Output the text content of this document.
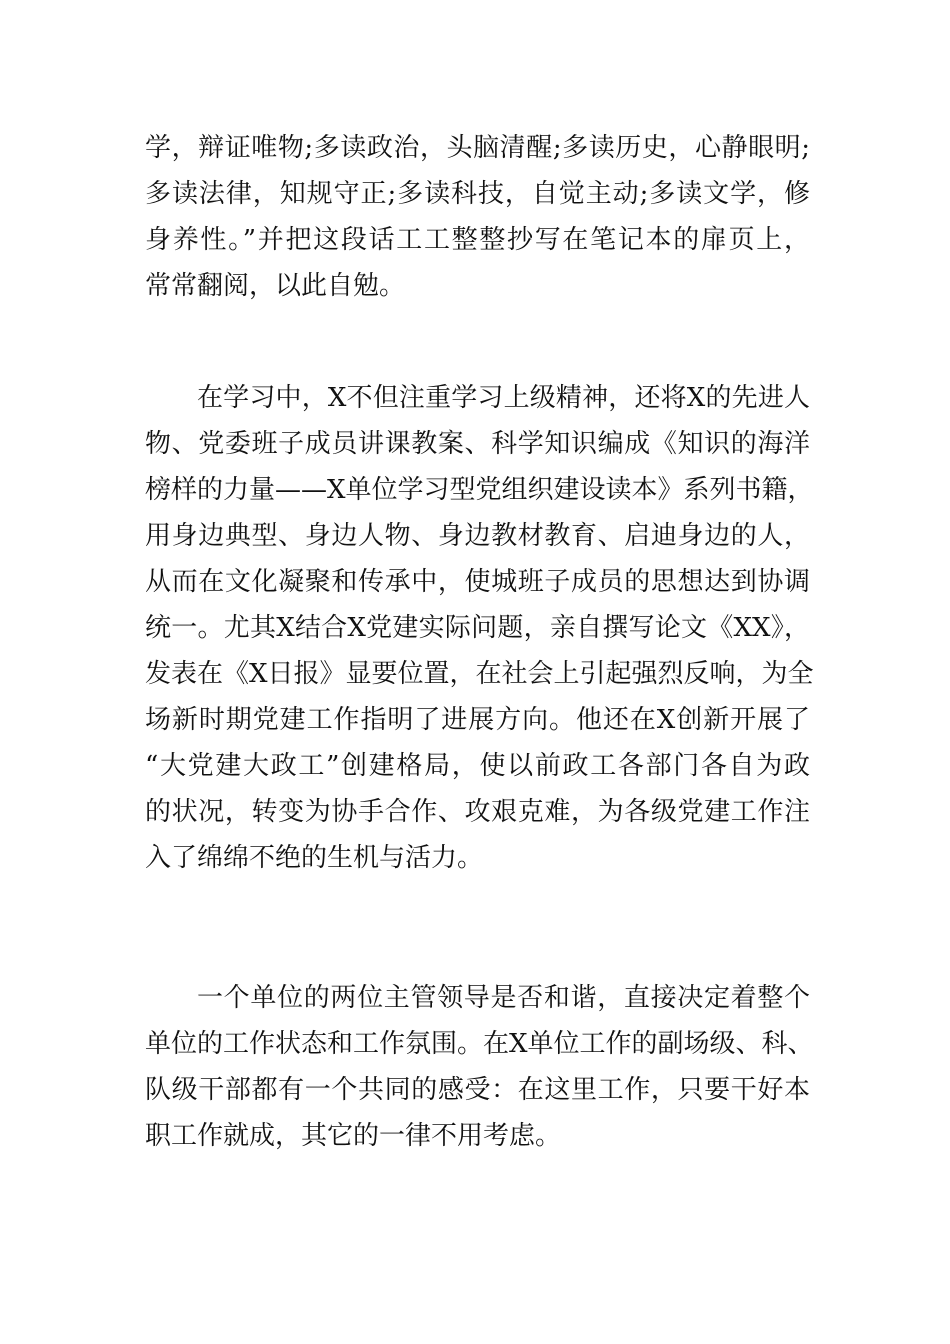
学，辩证唯物;多读政治，头脑清醒;多读历史，心静眼明;
多读法律，知规守正;多读科技，自觉主动;多读文学，修
身养性。”并把这段话工工整整抄写在笔记本的扉页上，
常常翻阅，以此自勉。
在学习中，X不但注重学习上级精神，还将X的先进人
物、党委班子成员讲课教案、科学知识编成《知识的海洋
榜样的力量——X单位学习型党组织建设读本》系列书籍，
用身边典型、身边人物、身边教材教育、启迪身边的人，
从而在文化凝聚和传承中，使城班子成员的思想达到协调
统一。尤其X结合X党建实际问题，亲自撰写论文《XX》，
发表在《X日报》显要位置，在社会上引起强烈反响，为全
场新时期党建工作指明了进展方向。他还在X创新开展了
“大党建大政工”创建格局，使以前政工各部门各自为政
的状况，转变为协手合作、攻艰克难，为各级党建工作注
入了绵绵不绝的生机与活力。
一个单位的两位主管领导是否和谐，直接决定着整个
单位的工作状态和工作氛围。在X单位工作的副场级、科、
队级干部都有一个共同的感受：在这里工作，只要干好本
职工作就成，其它的一律不用考虑。
